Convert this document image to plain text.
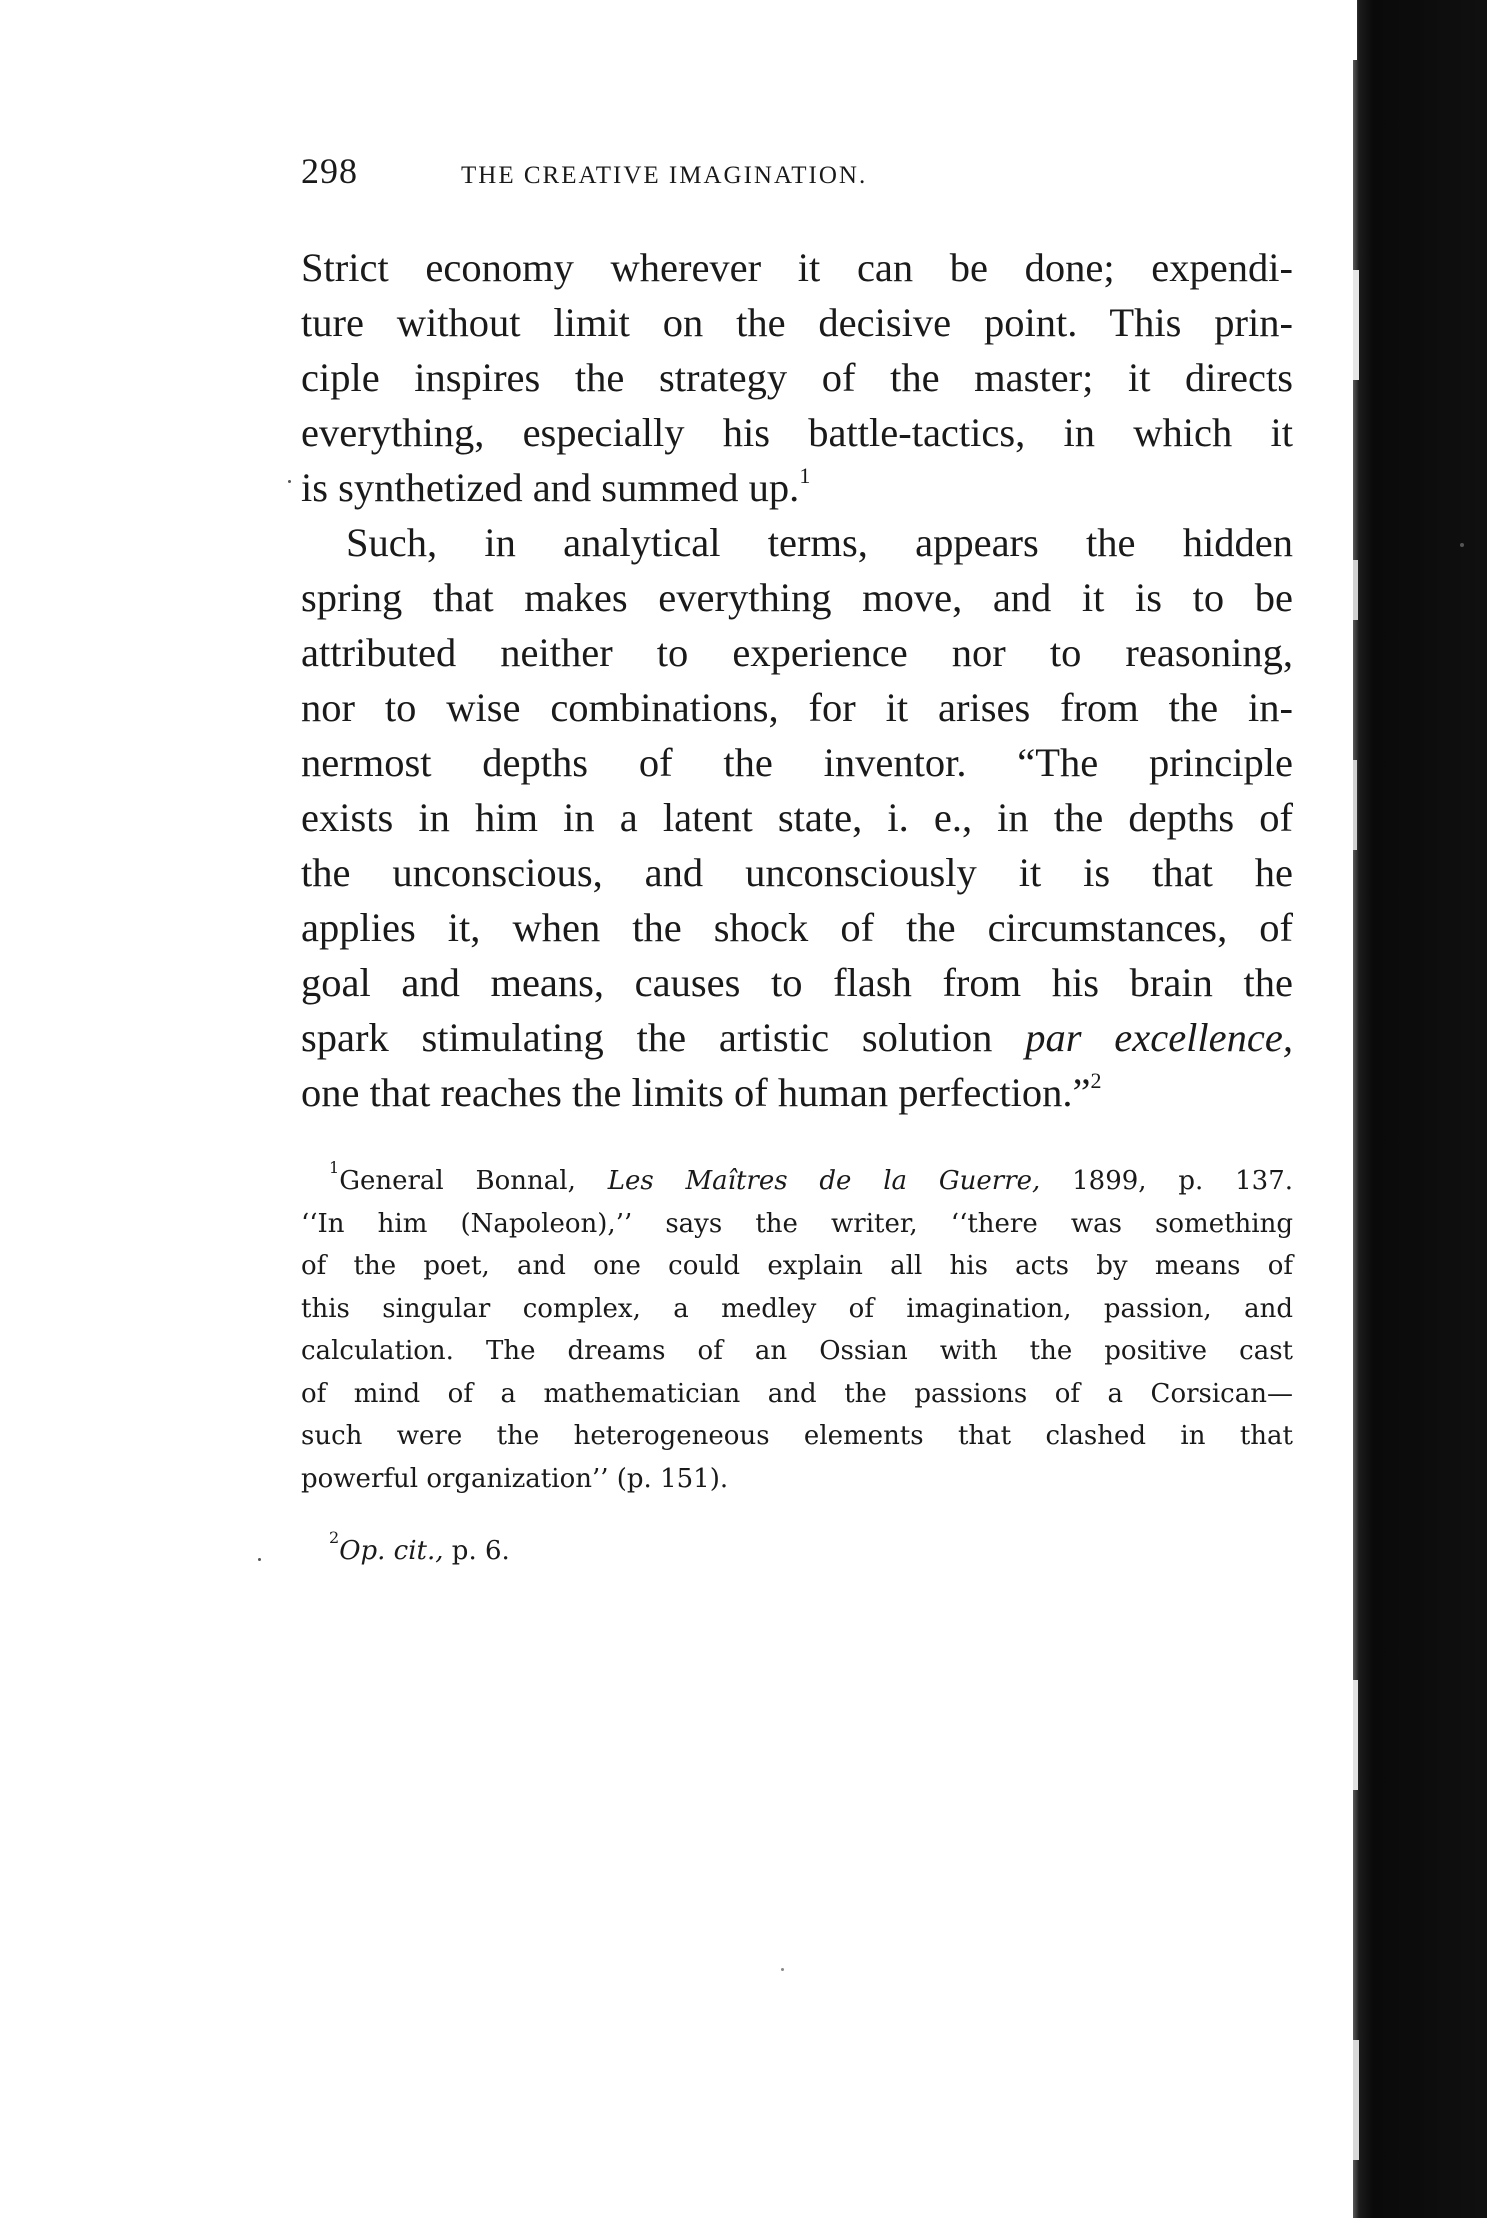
298	THE CREATIVE IMAGINATION.

Strict economy wherever it can be done; expendi-
ture without limit on the decisive point. This prin-
ciple inspires the strategy of the master; it directs
everything, especially his battle-tactics, in which it
is synthetized and summed up.$^1$

Such, in analytical terms, appears the hidden
spring that makes everything move, and it is to be
attributed neither to experience nor to reasoning,
nor to wise combinations, for it arises from the in-
nermost depths of the inventor. “The principle
exists in him in a latent state, i. e., in the depths of
the unconscious, and unconsciously it is that he
applies it, when the shock of the circumstances, of
goal and means, causes to flash from his brain the
spark stimulating the artistic solution par excellence,
one that reaches the limits of human perfection.”$^2$

$^1$General Bonnal, Les Maîtres de la Guerre, 1899, p. 137.
‘‘In him (Napoleon),’’ says the writer, ‘‘there was something
of the poet, and one could explain all his acts by means of
this singular complex, a medley of imagination, passion, and
calculation. The dreams of an Ossian with the positive cast
of mind of a mathematician and the passions of a Corsican—
such were the heterogeneous elements that clashed in that
powerful organization’’ (p. 151).
$^2$Op. cit., p. 6.
